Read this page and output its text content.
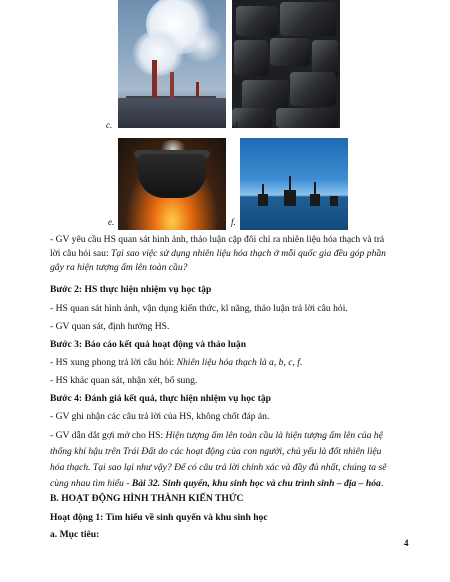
c.	d.
e.	f.

- GV yêu cầu HS quan sát hình ảnh, thảo luận cặp đôi chỉ ra nhiên liệu hóa thạch và trả lời câu hỏi sau: Tại sao việc sử dụng nhiên liệu hóa thạch ở mỗi quốc gia đều góp phần gây ra hiện tượng ấm lên toàn cầu?

Bước 2: HS thực hiện nhiệm vụ học tập

- HS quan sát hình ảnh, vận dụng kiến thức, kĩ năng, thảo luận trả lời câu hỏi.

- GV quan sát, định hướng HS.

Bước 3: Báo cáo kết quả hoạt động và thảo luận

- HS xung phong trả lời câu hỏi: Nhiên liệu hóa thạch là a, b, c, f.

- HS khác quan sát, nhận xét, bổ sung.

Bước 4: Đánh giá kết quả, thực hiện nhiệm vụ học tập

- GV ghi nhận các câu trả lời của HS, không chốt đáp án.

- GV dẫn dắt gợi mở cho HS: Hiện tượng ấm lên toàn cầu là hiện tượng ấm lên của hệ thống khí hậu trên Trái Đất do các hoạt động của con người, chủ yếu là đốt nhiên liệu hóa thạch. Tại sao lại như vậy? Để có câu trả lời chính xác và đầy đủ nhất, chúng ta sẽ cùng nhau tìm hiểu - Bài 32. Sinh quyển, khu sinh học và chu trình sinh – địa – hóa.

B. HOẠT ĐỘNG HÌNH THÀNH KIẾN THỨC

Hoạt động 1: Tìm hiểu về sinh quyển và khu sinh học

a. Mục tiêu:

4
